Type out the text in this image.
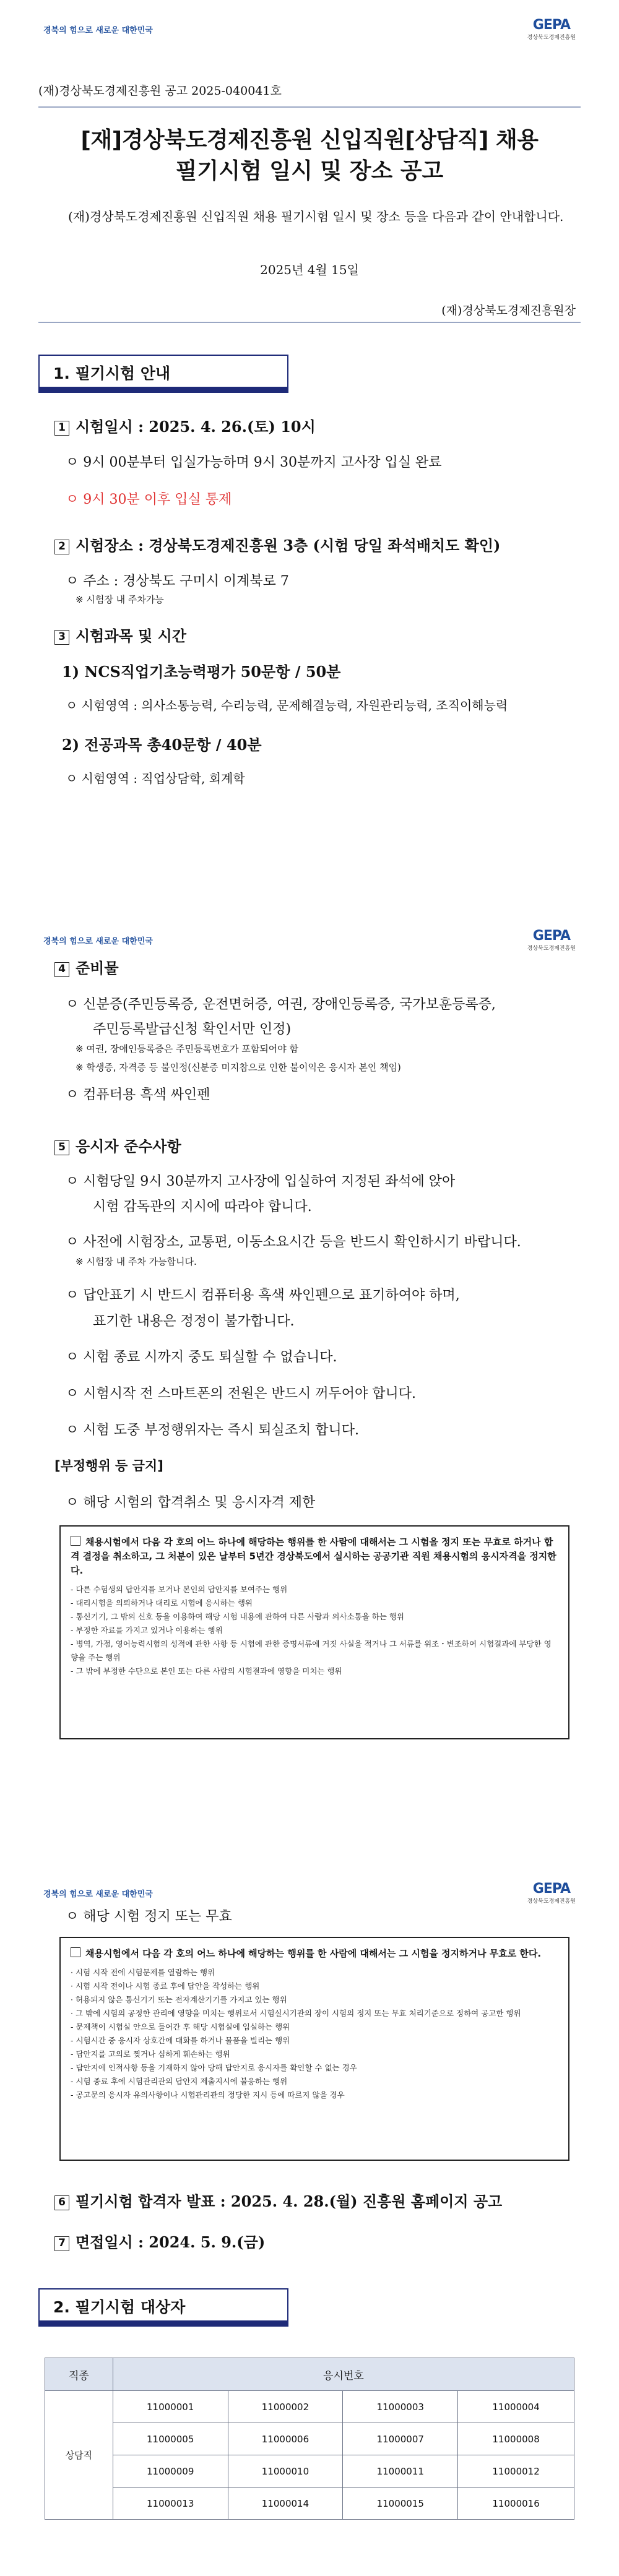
경북의 힘으로 새로운 대한민국	GEPA
경상북도경제진흥원
(재)경상북도경제진흥원 공고 2025-040041호
[재]경상북도경제진흥원 신입직원[상담직] 채용
필기시험 일시 및 장소 공고
(재)경상북도경제진흥원 신입직원 채용 필기시험 일시 및 장소 등을 다음과 같이 안내합니다.
2025년 4월 15일
(재)경상북도경제진흥원장
1. 필기시험 안내
1 시험일시 : 2025. 4. 26.(토) 10시
ㅇ 9시 00분부터 입실가능하며 9시 30분까지 고사장 입실 완료
ㅇ 9시 30분 이후 입실 통제
2 시험장소 : 경상북도경제진흥원 3층 (시험 당일 좌석배치도 확인)
ㅇ 주소 : 경상북도 구미시 이계북로 7
※ 시험장 내 주차가능
3 시험과목 및 시간
1) NCS직업기초능력평가 50문항 / 50분
ㅇ 시험영역 : 의사소통능력, 수리능력, 문제해결능력, 자원관리능력, 조직이해능력
2) 전공과목 총40문항 / 40분
ㅇ 시험영역 : 직업상담학, 회계학
경북의 힘으로 새로운 대한민국	GEPA
경상북도경제진흥원
4 준비물
ㅇ 신분증(주민등록증, 운전면허증, 여권, 장애인등록증, 국가보훈등록증,
주민등록발급신청 확인서만 인정)
※ 여권, 장애인등록증은 주민등록번호가 포함되어야 함
※ 학생증, 자격증 등 불인정(신분증 미지참으로 인한 불이익은 응시자 본인 책임)
ㅇ 컴퓨터용 흑색 싸인펜
5 응시자 준수사항
ㅇ 시험당일 9시 30분까지 고사장에 입실하여 지정된 좌석에 앉아
시험 감독관의 지시에 따라야 합니다.
ㅇ 사전에 시험장소, 교통편, 이동소요시간 등을 반드시 확인하시기 바랍니다.
※ 시험장 내 주차 가능합니다.
ㅇ 답안표기 시 반드시 컴퓨터용 흑색 싸인펜으로 표기하여야 하며,
표기한 내용은 정정이 불가합니다.
ㅇ 시험 종료 시까지 중도 퇴실할 수 없습니다.
ㅇ 시험시작 전 스마트폰의 전원은 반드시 꺼두어야 합니다.
ㅇ 시험 도중 부정행위자는 즉시 퇴실조치 합니다.
[부정행위 등 금지]
ㅇ 해당 시험의 합격취소 및 응시자격 제한
채용시험에서 다음 각 호의 어느 하나에 해당하는 행위를 한 사람에 대해서는 그 시험을 정지 또는 무효로 하거나 합격 결정을 취소하고, 그 처분이 있은 날부터 5년간 경상북도에서 실시하는 공공기관 직원 채용시험의 응시자격을 정지한다.
- 다른 수험생의 답안지를 보거나 본인의 답안지를 보여주는 행위
- 대리시험을 의뢰하거나 대리로 시험에 응시하는 행위
- 통신기기, 그 밖의 신호 등을 이용하여 해당 시험 내용에 관하여 다른 사람과 의사소통을 하는 행위
- 부정한 자료를 가지고 있거나 이용하는 행위
- 병역, 가점, 영어능력시험의 성적에 관한 사항 등 시험에 관한 증명서류에 거짓 사실을 적거나 그 서류를 위조・변조하여 시험결과에 부당한 영향을 주는 행위
- 그 밖에 부정한 수단으로 본인 또는 다른 사람의 시험결과에 영향을 미치는 행위
경북의 힘으로 새로운 대한민국	GEPA
경상북도경제진흥원
ㅇ 해당 시험 정지 또는 무효
채용시험에서 다음 각 호의 어느 하나에 해당하는 행위를 한 사람에 대해서는 그 시험을 정지하거나 무효로 한다.
· 시험 시작 전에 시험문제를 열람하는 행위
· 시험 시작 전이나 시험 종료 후에 답안을 작성하는 행위
· 허용되지 않은 통신기기 또는 전자계산기기를 가지고 있는 행위
· 그 밖에 시험의 공정한 관리에 영향을 미치는 행위로서 시험실시기관의 장이 시험의 정지 또는 무효 처리기준으로 정하여 공고한 행위
- 문제책이 시험실 안으로 들어간 후 해당 시험실에 입실하는 행위
- 시험시간 중 응시자 상호간에 대화를 하거나 물품을 빌리는 행위
- 답안지를 고의로 찢거나 심하게 훼손하는 행위
- 답안지에 인적사항 등을 기재하지 않아 당해 답안지로 응시자를 확인할 수 없는 경우
- 시험 종료 후에 시험관리관의 답안지 제출지시에 불응하는 행위
- 공고문의 응시자 유의사항이나 시험관리관의 정당한 지시 등에 따르지 않을 경우
6 필기시험 합격자 발표 : 2025. 4. 28.(월) 진흥원 홈페이지 공고
7 면접일시 : 2024. 5. 9.(금)
2. 필기시험 대상자
직종	응시번호			
상담직	11000001	11000002	11000003	11000004
	11000005	11000006	11000007	11000008
	11000009	11000010	11000011	11000012
	11000013	11000014	11000015	11000016
